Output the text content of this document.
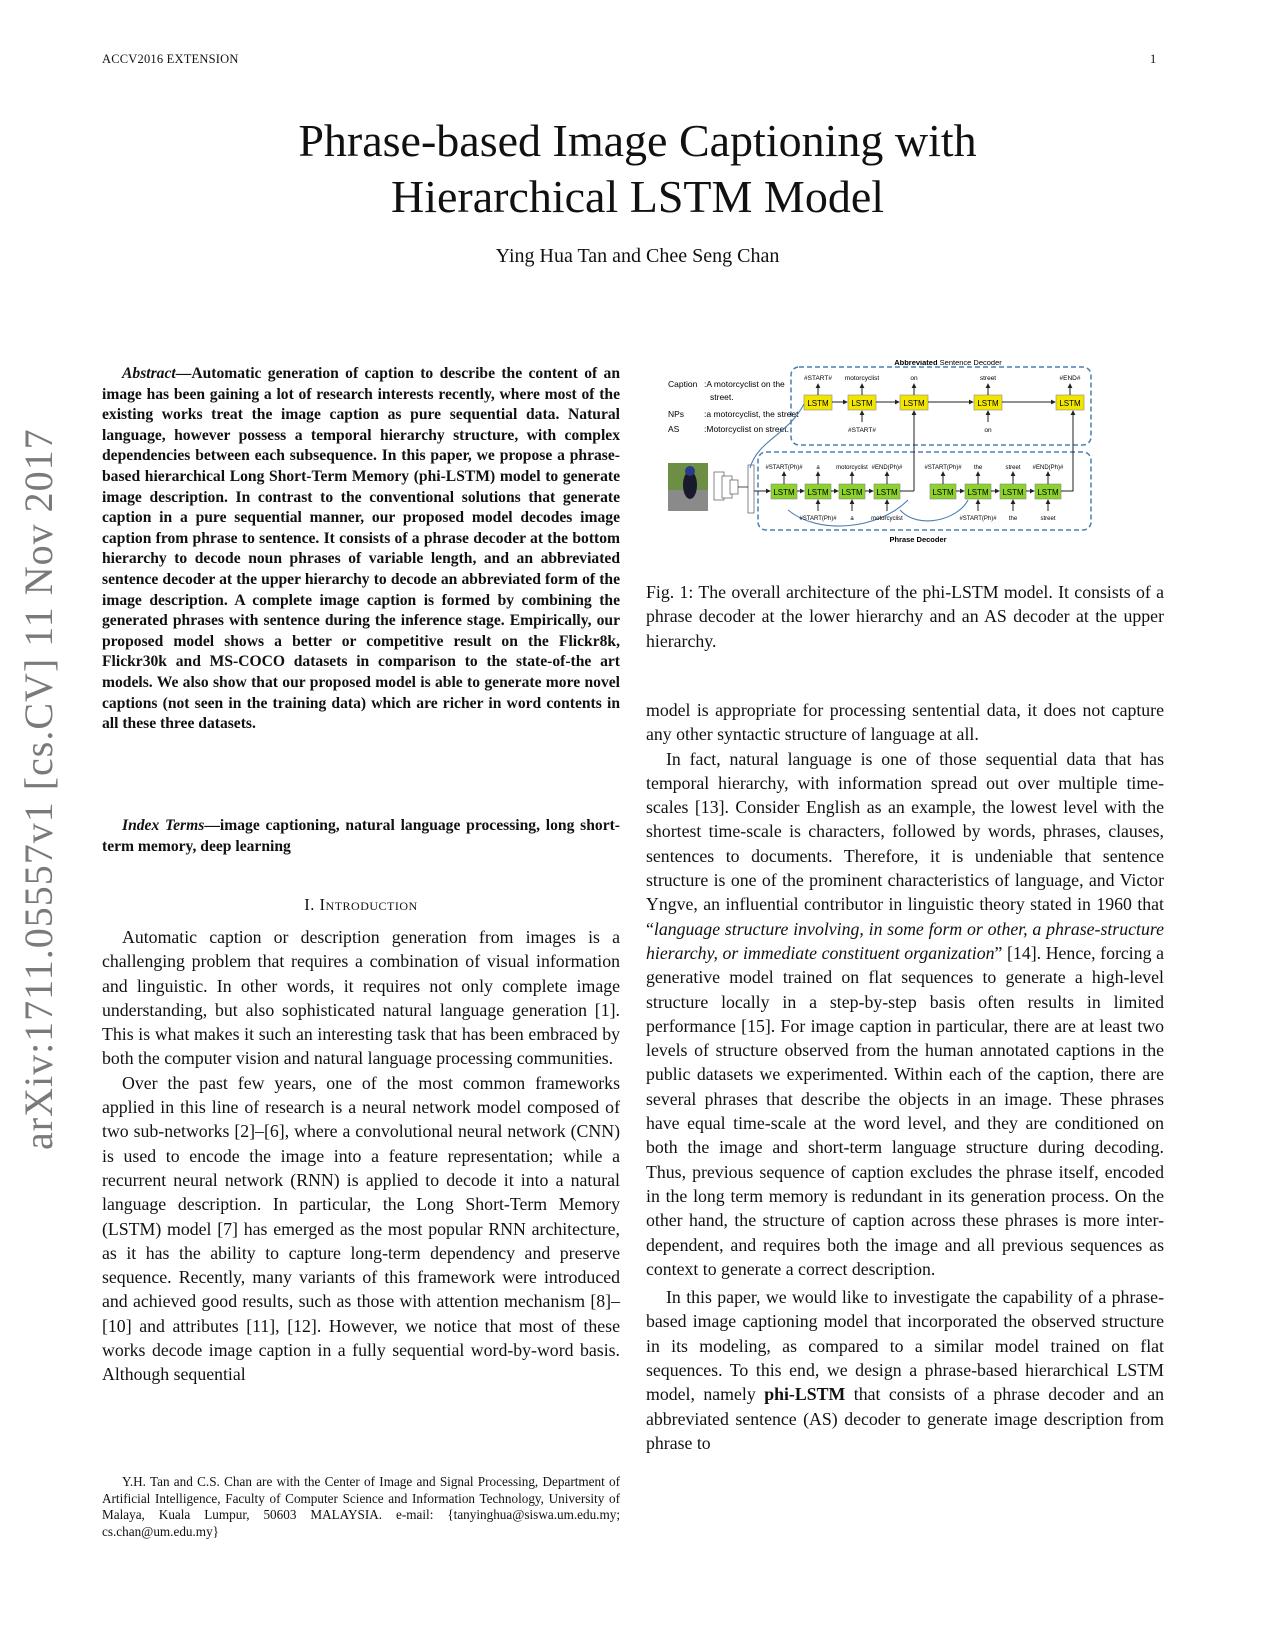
ACCV2016 EXTENSION	1
Phrase-based Image Captioning with
Hierarchical LSTM Model
Ying Hua Tan and Chee Seng Chan
arXiv:1711.05557v1 [cs.CV] 11 Nov 2017
Abstract—Automatic generation of caption to describe the content of an image has been gaining a lot of research interests recently, where most of the existing works treat the image caption as pure sequential data. Natural language, however possess a temporal hierarchy structure, with complex dependencies between each subsequence. In this paper, we propose a phrase-based hierarchical Long Short-Term Memory (phi-LSTM) model to generate image description. In contrast to the conventional solutions that generate caption in a pure sequential manner, our proposed model decodes image caption from phrase to sentence. It consists of a phrase decoder at the bottom hierarchy to decode noun phrases of variable length, and an abbreviated sentence decoder at the upper hierarchy to decode an abbreviated form of the image description. A complete image caption is formed by combining the generated phrases with sentence during the inference stage. Empirically, our proposed model shows a better or competitive result on the Flickr8k, Flickr30k and MS-COCO datasets in comparison to the state-of-the art models. We also show that our proposed model is able to generate more novel captions (not seen in the training data) which are richer in word contents in all these three datasets.
Index Terms—image captioning, natural language processing, long short-term memory, deep learning
I. Introduction

Automatic caption or description generation from images is a challenging problem that requires a combination of visual information and linguistic. In other words, it requires not only complete image understanding, but also sophisticated natural language generation [1]. This is what makes it such an interesting task that has been embraced by both the computer vision and natural language processing communities.

Over the past few years, one of the most common frameworks applied in this line of research is a neural network model composed of two sub-networks [2]–[6], where a convolutional neural network (CNN) is used to encode the image into a feature representation; while a recurrent neural network (RNN) is applied to decode it into a natural language description. In particular, the Long Short-Term Memory (LSTM) model [7] has emerged as the most popular RNN architecture, as it has the ability to capture long-term dependency and preserve sequence. Recently, many variants of this framework were introduced and achieved good results, such as those with attention mechanism [8]–[10] and attributes [11], [12]. However, we notice that most of these works decode image caption in a fully sequential word-by-word basis. Although sequential

Y.H. Tan and C.S. Chan are with the Center of Image and Signal Processing, Department of Artificial Intelligence, Faculty of Computer Science and Information Technology, University of Malaya, Kuala Lumpur, 50603 MALAYSIA. e-mail: {tanyinghua@siswa.um.edu.my; cs.chan@um.edu.my}
Abbreviated Sentence Decoder
Caption :A motorcyclist on the
street.
NPs :a motorcyclist, the street
AS	:Motorcyclist on street.
LSTM	LSTM	LSTM	LSTM	LSTM
#START# motorcyclist	on	street	#END#
#START#	on
Phrase Decoder
LSTM LSTM LSTM LSTM	LSTM LSTM LSTM LSTM
#START(Ph)# a	motorcyclist #END(Ph)#	#START(Ph)# the	street #END(Ph)#
#START(Ph)# a	motorcyclist	#START(Ph)# the	street
Fig. 1: The overall architecture of the phi-LSTM model. It consists of a phrase decoder at the lower hierarchy and an AS decoder at the upper hierarchy.

model is appropriate for processing sentential data, it does not capture any other syntactic structure of language at all.

In fact, natural language is one of those sequential data that has temporal hierarchy, with information spread out over multiple time-scales [13]. Consider English as an example, the lowest level with the shortest time-scale is characters, followed by words, phrases, clauses, sentences to documents. Therefore, it is undeniable that sentence structure is one of the prominent characteristics of language, and Victor Yngve, an influential contributor in linguistic theory stated in 1960 that “language structure involving, in some form or other, a phrase-structure hierarchy, or immediate constituent organization” [14]. Hence, forcing a generative model trained on flat sequences to generate a high-level structure locally in a step-by-step basis often results in limited performance [15]. For image caption in particular, there are at least two levels of structure observed from the human annotated captions in the public datasets we experimented. Within each of the caption, there are several phrases that describe the objects in an image. These phrases have equal time-scale at the word level, and they are conditioned on both the image and short-term language structure during decoding. Thus, previous sequence of caption excludes the phrase itself, encoded in the long term memory is redundant in its generation process. On the other hand, the structure of caption across these phrases is more inter-dependent, and requires both the image and all previous sequences as context to generate a correct description.

In this paper, we would like to investigate the capability of a phrase-based image captioning model that incorporated the observed structure in its modeling, as compared to a similar model trained on flat sequences. To this end, we design a phrase-based hierarchical LSTM model, namely phi-LSTM that consists of a phrase decoder and an abbreviated sentence (AS) decoder to generate image description from phrase to
